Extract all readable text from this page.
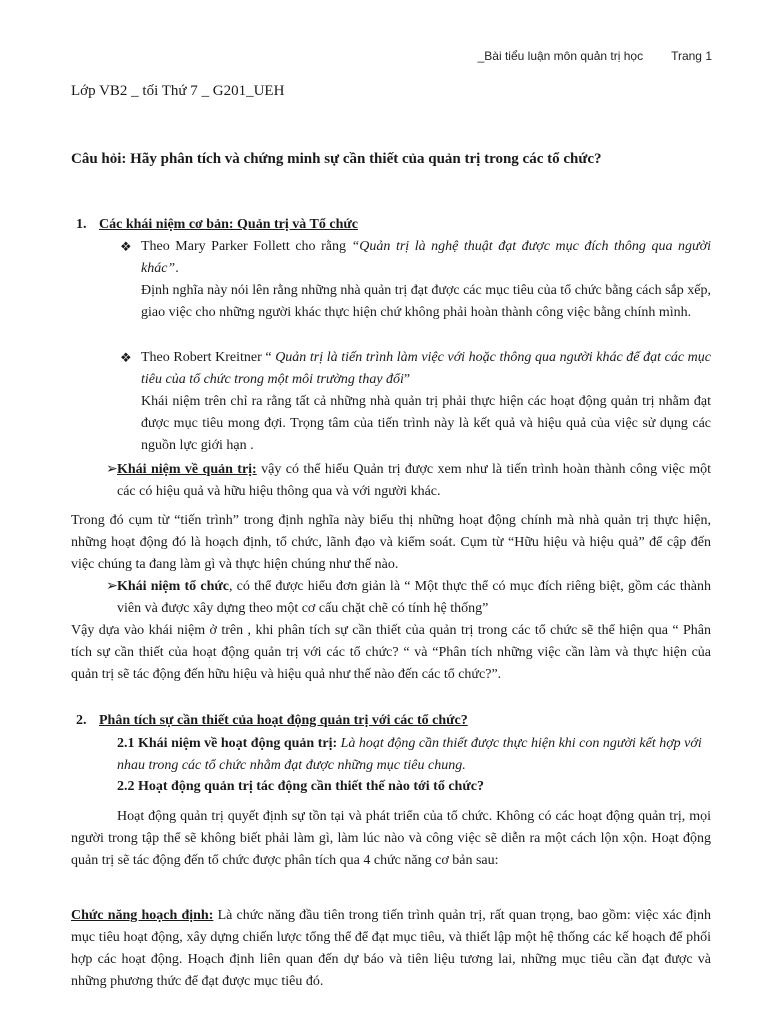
_Bài tiểu luận môn quản trị học Trang 1
Lớp VB2 _ tối Thứ 7 _ G201_UEH
Câu hỏi: Hãy phân tích và chứng minh sự cần thiết của quản trị trong các tổ chức?
1. Các khái niệm cơ bản: Quản trị và Tổ chức
❖ Theo Mary Parker Follett cho rằng “Quản trị là nghệ thuật đạt được mục đích thông qua người khác”.
Định nghĩa này nói lên rằng những nhà quản trị đạt được các mục tiêu của tổ chức bằng cách sắp xếp, giao việc cho những người khác thực hiện chứ không phải hoàn thành công việc bằng chính mình.
❖ Theo Robert Kreitner “ Quản trị là tiến trình làm việc với hoặc thông qua người khác để đạt các mục tiêu của tổ chức trong một môi trường thay đổi”
Khái niệm trên chỉ ra rằng tất cả những nhà quản trị phải thực hiện các hoạt động quản trị nhằm đạt được mục tiêu mong đợi. Trọng tâm của tiến trình này là kết quả và hiệu quả của việc sử dụng các nguồn lực giới hạn .
➢ Khái niệm về quản trị: vậy có thể hiểu Quản trị được xem như là tiến trình hoàn thành công việc một các có hiệu quả và hữu hiệu thông qua và với người khác.
Trong đó cụm từ “tiến trình” trong định nghĩa này biểu thị những hoạt động chính mà nhà quản trị thực hiện, những hoạt động đó là hoạch định, tổ chức, lãnh đạo và kiểm soát. Cụm từ “Hữu hiệu và hiệu quả” để cập đến việc chúng ta đang làm gì và thực hiện chúng như thế nào.
➢ Khái niệm tổ chức, có thể được hiểu đơn giản là “ Một thực thể có mục đích riêng biệt, gồm các thành viên và được xây dựng theo một cơ cấu chặt chẽ có tính hệ thống”
Vậy dựa vào khái niệm ở trên , khi phân tích sự cần thiết của quản trị trong các tổ chức sẽ thể hiện qua “ Phân tích sự cần thiết của hoạt động quản trị với các tổ chức? “ và “Phân tích những việc cần làm và thực hiện của quản trị sẽ tác động đến hữu hiệu và hiệu quả như thế nào đến các tổ chức?”.
2. Phân tích sự cần thiết của hoạt động quản trị với các tổ chức?
2.1 Khái niệm về hoạt động quản trị: Là hoạt động cần thiết được thực hiện khi con người kết hợp với nhau trong các tổ chức nhằm đạt được những mục tiêu chung.
2.2 Hoạt động quản trị tác động cần thiết thế nào tới tổ chức?
Hoạt động quản trị quyết định sự tồn tại và phát triển của tổ chức. Không có các hoạt động quản trị, mọi người trong tập thể sẽ không biết phải làm gì, làm lúc nào và công việc sẽ diễn ra một cách lộn xộn. Hoạt động quản trị sẽ tác động đến tổ chức được phân tích qua 4 chức năng cơ bản sau:
Chức năng hoạch định: Là chức năng đầu tiên trong tiến trình quản trị, rất quan trọng, bao gồm: việc xác định mục tiêu hoạt động, xây dựng chiến lược tổng thể để đạt mục tiêu, và thiết lập một hệ thống các kế hoạch để phối hợp các hoạt động. Hoạch định liên quan đến dự báo và tiên liệu tương lai, những mục tiêu cần đạt được và những phương thức để đạt được mục tiêu đó.
